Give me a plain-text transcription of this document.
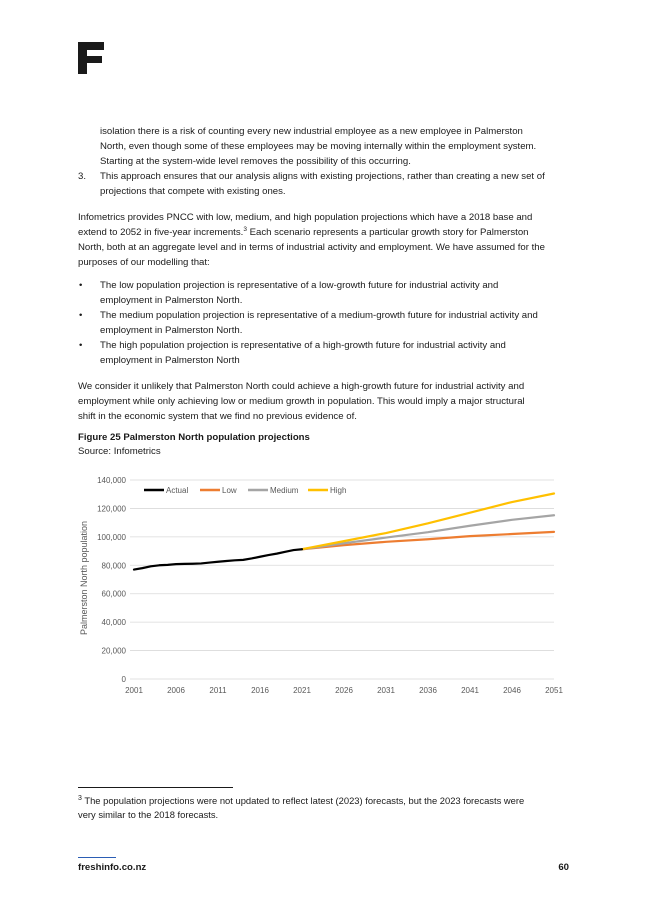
isolation there is a risk of counting every new industrial employee as a new employee in Palmerston
North, even though some of these employees may be moving internally within the employment system.
Starting at the system-wide level removes the possibility of this occurring.
3. This approach ensures that our analysis aligns with existing projections, rather than creating a new set of
projections that compete with existing ones.
Infometrics provides PNCC with low, medium, and high population projections which have a 2018 base and
extend to 2052 in five-year increments.$^3$ Each scenario represents a particular growth story for Palmerston
North, both at an aggregate level and in terms of industrial activity and employment. We have assumed for the
purposes of our modelling that:
• The low population projection is representative of a low-growth future for industrial activity and
employment in Palmerston North.
• The medium population projection is representative of a medium-growth future for industrial activity and
employment in Palmerston North.
• The high population projection is representative of a high-growth future for industrial activity and
employment in Palmerston North
We consider it unlikely that Palmerston North could achieve a high-growth future for industrial activity and
employment while only achieving low or medium growth in population. This would imply a major structural
shift in the economic system that we find no previous evidence of.
Figure 25 Palmerston North population projections
Source: Infometrics
0
20,000
40,000
60,000
80,000
100,000
120,000
140,000
2001	2006	2011	2016	2021	2026	2031	2036	2041	2046	2051
Palmerston North population
Actual	Low	Medium	High
$^3$ The population projections were not updated to reflect latest (2023) forecasts, but the 2023 forecasts were
very similar to the 2018 forecasts.
freshinfo.co.nz	60
